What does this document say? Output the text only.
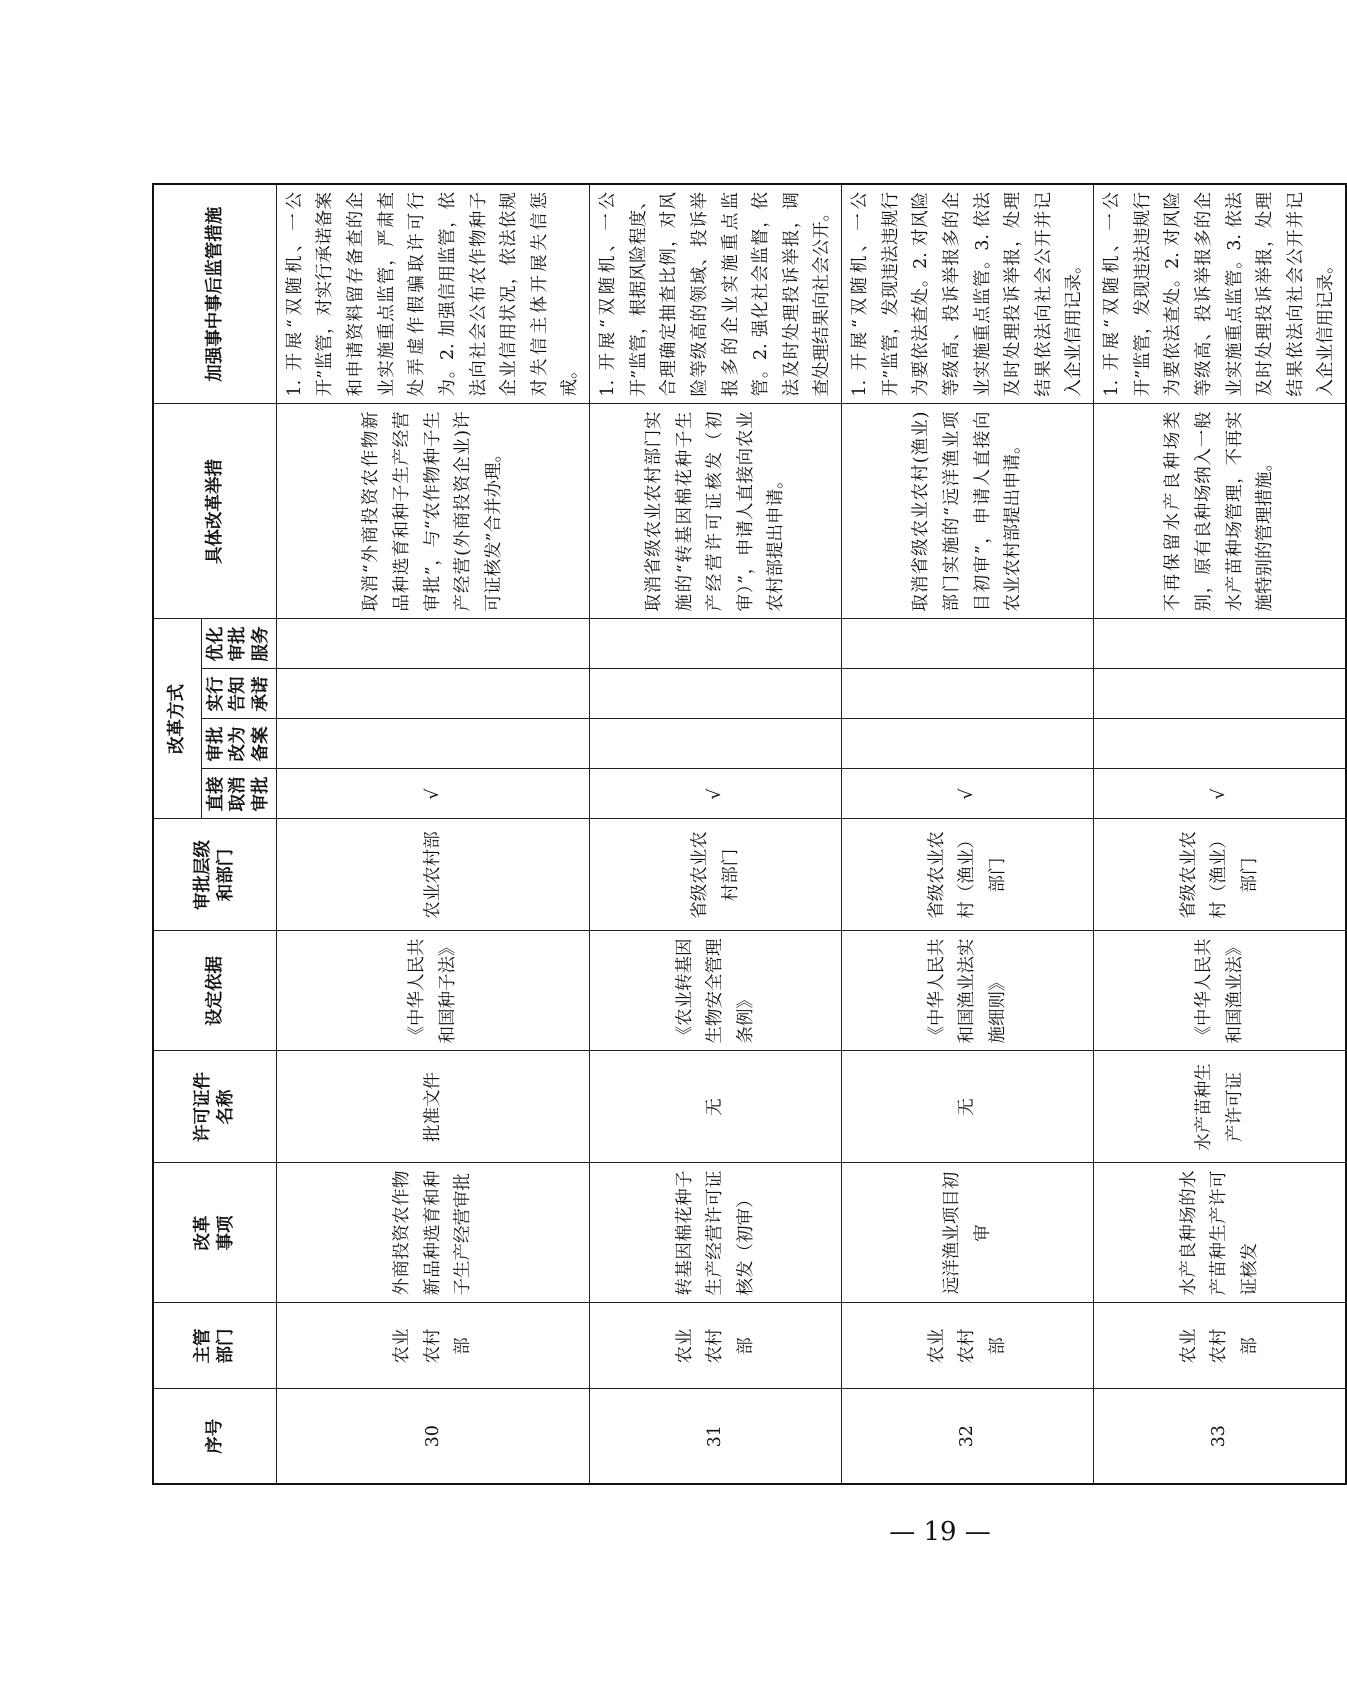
序号	主管部门	改革事项	许可证件名称	设定依据	审批层级和部门	改革方式				具体改革举措	加强事中事后监管措施
						直接取消审批	审批改为备案	实行告知承诺	优化审批服务		
30	农业农村部	外商投资农作物新品种选育和种子生产经营审批	批准文件	《中华人民共和国种子法》	农业农村部	√				取消“外商投资农作物新品种选育和种子生产经营审批”，与“农作物种子生产经营(外商投资企业)许可证核发”合并办理。	1. 开展“双随机、一公开”监管，对实行承诺备案和申请资料留存备查的企业实施重点监管，严肃查处弄虚作假骗取许可行为。2. 加强信用监管，依法向社会公布农作物种子企业信用状况，依法依规对失信主体开展失信惩戒。
31	农业农村部	转基因棉花种子生产经营许可证核发（初审）	无	《农业转基因生物安全管理条例》	省级农业农村部门	√				取消省级农业农村部门实施的“转基因棉花种子生产经营许可证核发（初审）”，申请人直接向农业农村部提出申请。	1. 开展“双随机、一公开”监管，根据风险程度、合理确定抽查比例，对风险等级高的领域、投诉举报多的企业实施重点监管。2. 强化社会监督，依法及时处理投诉举报，调查处理结果向社会公开。
32	农业农村部	远洋渔业项目初审	无	《中华人民共和国渔业法实施细则》	省级农业农村（渔业）部门	√				取消省级农业农村(渔业)部门实施的“远洋渔业项目初审”，申请人直接向农业农村部提出申请。	1. 开展“双随机、一公开”监管，发现违法违规行为要依法查处。2. 对风险等级高、投诉举报多的企业实施重点监管。3. 依法及时处理投诉举报，处理结果依法向社会公开并记入企业信用记录。
33	农业农村部	水产良种场的水产苗种生产许可证核发	水产苗种生产许可证	《中华人民共和国渔业法》	省级农业农村（渔业）部门	√				不再保留水产良种场类别，原有良种场纳入一般水产苗种场管理，不再实施特别的管理措施。	1. 开展“双随机、一公开”监管，发现违法违规行为要依法查处。2. 对风险等级高、投诉举报多的企业实施重点监管。3. 依法及时处理投诉举报，处理结果依法向社会公开并记入企业信用记录。
— 19 —
